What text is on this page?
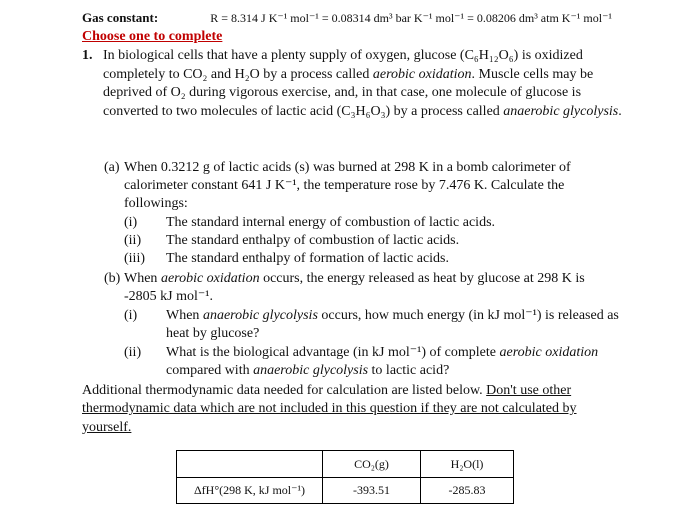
Gas constant:	R = 8.314 J K⁻¹ mol⁻¹ = 0.08314 dm³ bar K⁻¹ mol⁻¹ = 0.08206 dm³ atm K⁻¹ mol⁻¹
Choose one to complete
1. In biological cells that have a plenty supply of oxygen, glucose (C₆H₁₂O₆) is oxidized completely to CO₂ and H₂O by a process called aerobic oxidation. Muscle cells may be deprived of O₂ during vigorous exercise, and, in that case, one molecule of glucose is converted to two molecules of lactic acid (C₃H₆O₃) by a process called anaerobic glycolysis.
(a) When 0.3212 g of lactic acids (s) was burned at 298 K in a bomb calorimeter of calorimeter constant 641 J K⁻¹, the temperature rose by 7.476 K. Calculate the followings:
(i) The standard internal energy of combustion of lactic acids.
(ii) The standard enthalpy of combustion of lactic acids.
(iii) The standard enthalpy of formation of lactic acids.
(b) When aerobic oxidation occurs, the energy released as heat by glucose at 298 K is -2805 kJ mol⁻¹.
(i) When anaerobic glycolysis occurs, how much energy (in kJ mol⁻¹) is released as heat by glucose?
(ii) What is the biological advantage (in kJ mol⁻¹) of complete aerobic oxidation compared with anaerobic glycolysis to lactic acid?
Additional thermodynamic data needed for calculation are listed below. Don't use other thermodynamic data which are not included in this question if they are not calculated by yourself.
	CO₂(g)	H₂O(l)
ΔfH°(298 K, kJ mol⁻¹)	-393.51	-285.83
